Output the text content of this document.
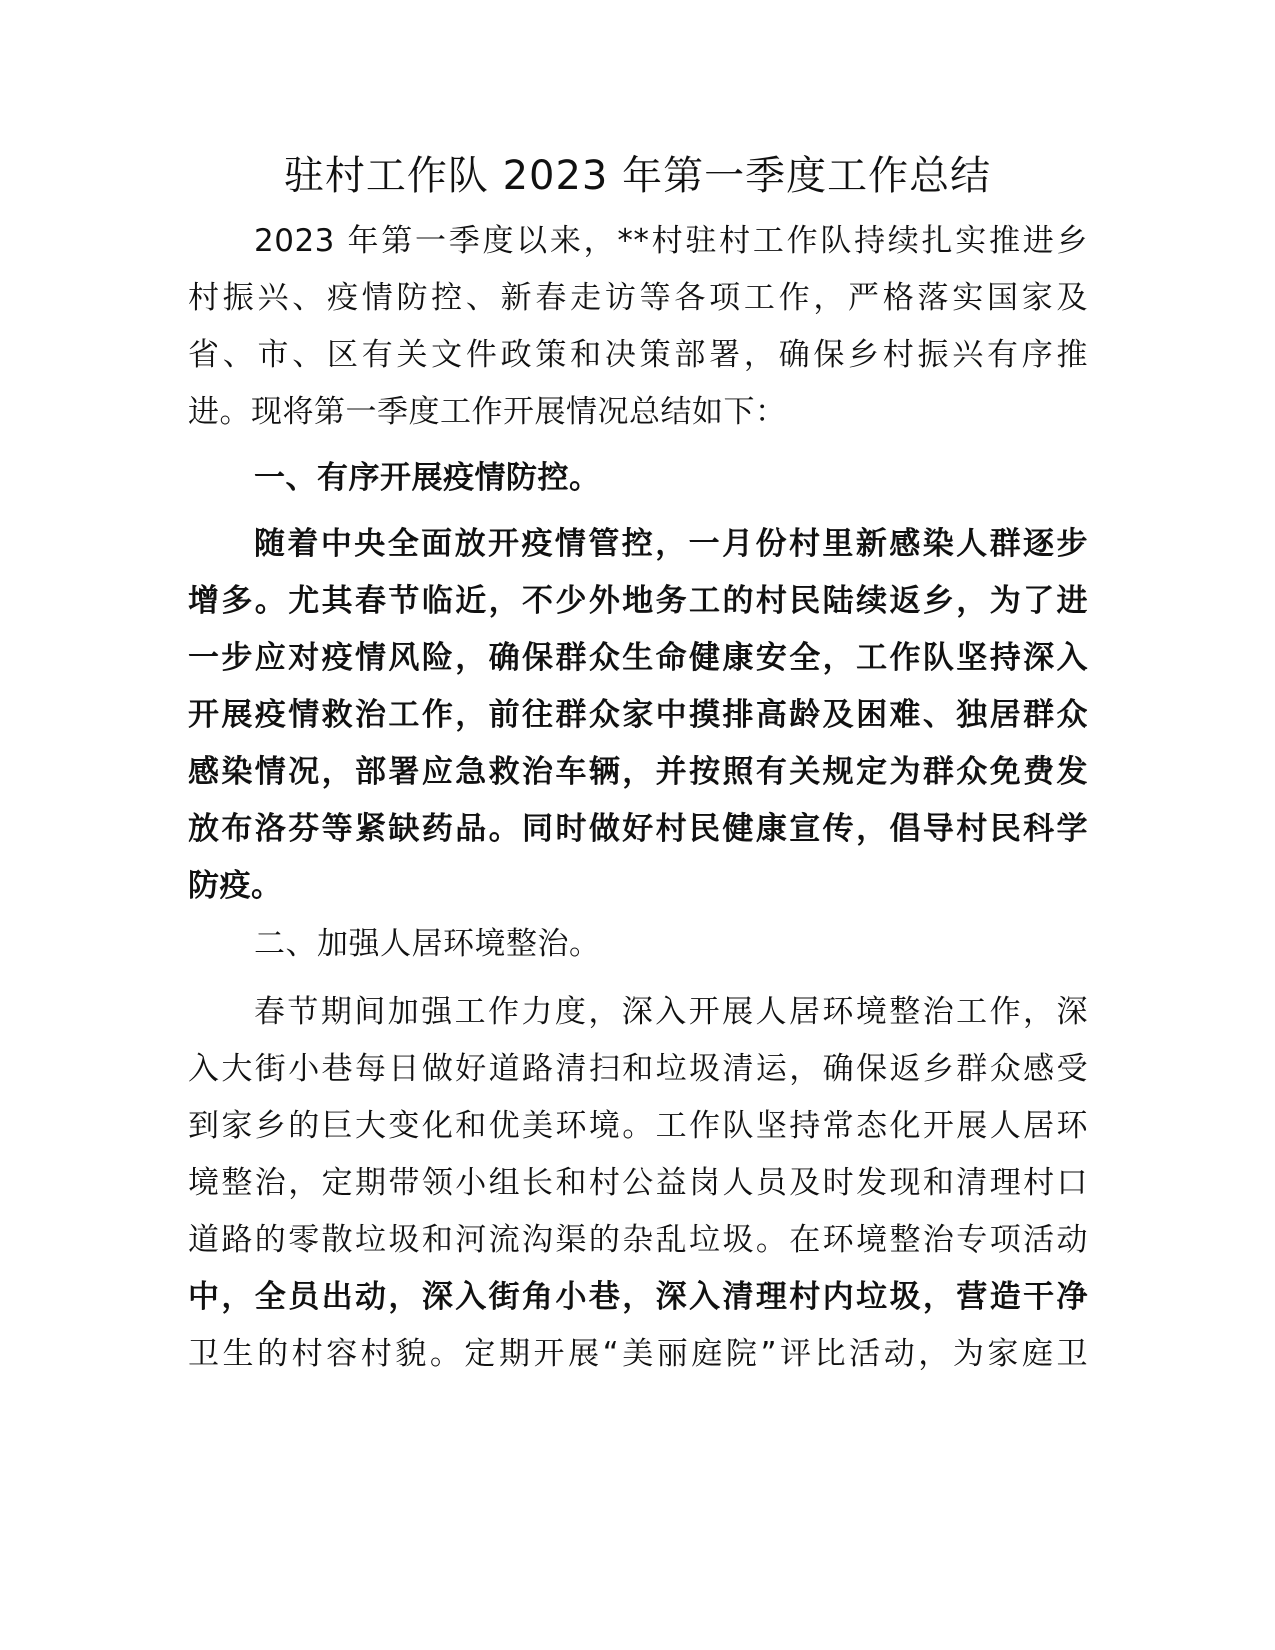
驻村工作队 2023 年第一季度工作总结
2023 年第一季度以来，**村驻村工作队持续扎实推进乡
村振兴、疫情防控、新春走访等各项工作，严格落实国家及
省、市、区有关文件政策和决策部署，确保乡村振兴有序推
进。现将第一季度工作开展情况总结如下：
一、有序开展疫情防控。
随着中央全面放开疫情管控，一月份村里新感染人群逐步
增多。尤其春节临近，不少外地务工的村民陆续返乡，为了进
一步应对疫情风险，确保群众生命健康安全，工作队坚持深入
开展疫情救治工作，前往群众家中摸排高龄及困难、独居群众
感染情况，部署应急救治车辆，并按照有关规定为群众免费发
放布洛芬等紧缺药品。同时做好村民健康宣传，倡导村民科学
防疫。
二、加强人居环境整治。
春节期间加强工作力度，深入开展人居环境整治工作，深
入大街小巷每日做好道路清扫和垃圾清运，确保返乡群众感受
到家乡的巨大变化和优美环境。工作队坚持常态化开展人居环
境整治，定期带领小组长和村公益岗人员及时发现和清理村口
道路的零散垃圾和河流沟渠的杂乱垃圾。在环境整治专项活动
中，全员出动，深入街角小巷，深入清理村内垃圾，营造干净
卫生的村容村貌。定期开展“美丽庭院”评比活动，为家庭卫
